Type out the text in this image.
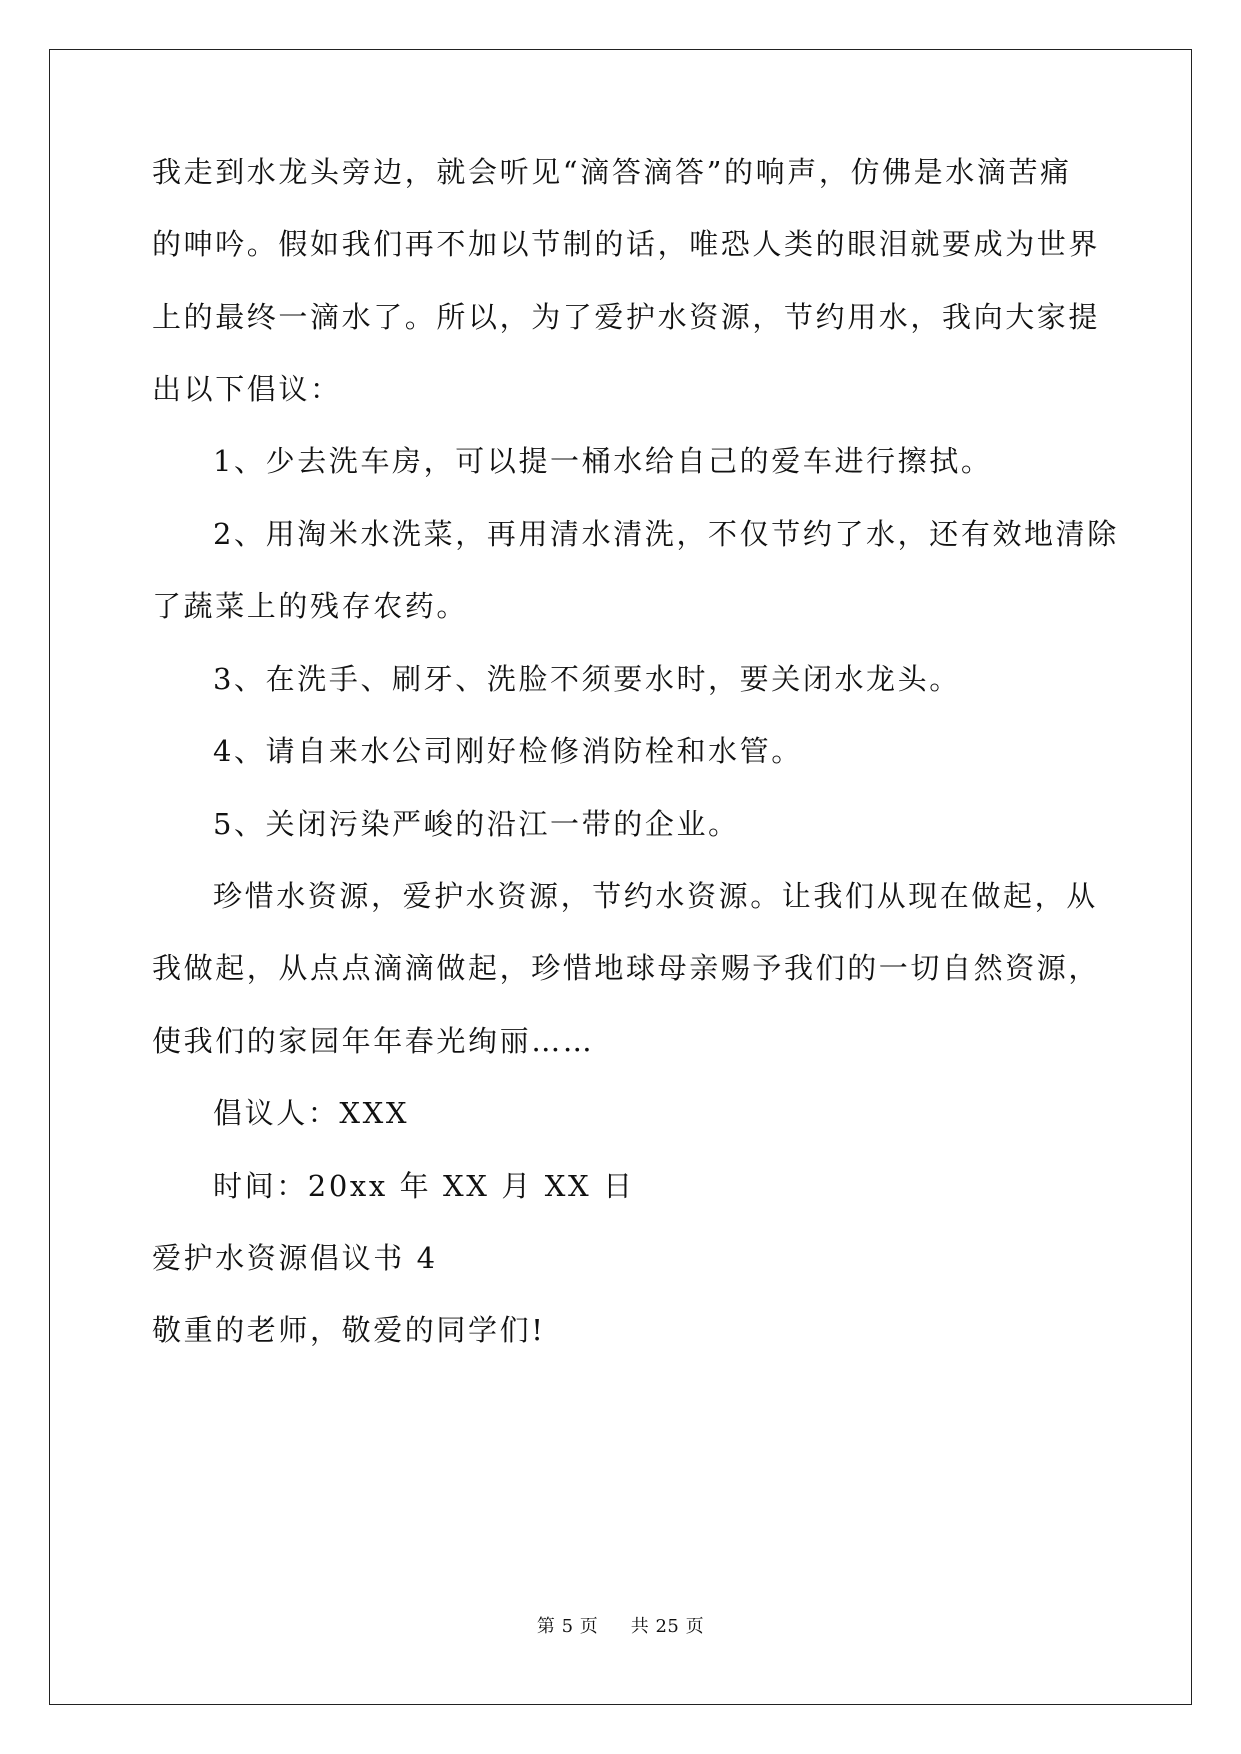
我走到水龙头旁边，就会听见“滴答滴答”的响声，仿佛是水滴苦痛
的呻吟。假如我们再不加以节制的话，唯恐人类的眼泪就要成为世界
上的最终一滴水了。所以，为了爱护水资源，节约用水，我向大家提
出以下倡议：
1、少去洗车房，可以提一桶水给自己的爱车进行擦拭。
2、用淘米水洗菜，再用清水清洗，不仅节约了水，还有效地清除
了蔬菜上的残存农药。
3、在洗手、刷牙、洗脸不须要水时，要关闭水龙头。
4、请自来水公司刚好检修消防栓和水管。
5、关闭污染严峻的沿江一带的企业。
珍惜水资源，爱护水资源，节约水资源。让我们从现在做起，从
我做起，从点点滴滴做起，珍惜地球母亲赐予我们的一切自然资源，
使我们的家园年年春光绚丽……
倡议人：XXX
时间：20xx 年 XX 月 XX 日
爱护水资源倡议书 4
敬重的老师，敬爱的同学们!
第 5 页 共 25 页
